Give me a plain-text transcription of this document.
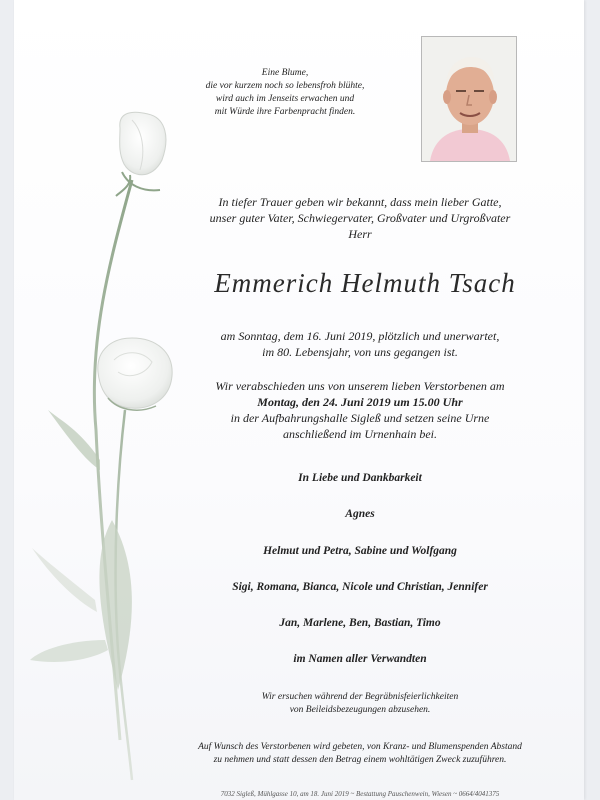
Eine Blume,
die vor kurzem noch so lebensfroh blühte,
wird auch im Jenseits erwachen und
mit Würde ihre Farbenpracht finden.
In tiefer Trauer geben wir bekannt, dass mein lieber Gatte,
unser guter Vater, Schwiegervater, Großvater und Urgroßvater
Herr
Emmerich Helmuth Tsach
am Sonntag, dem 16. Juni 2019, plötzlich und unerwartet,
im 80. Lebensjahr, von uns gegangen ist.
Wir verabschieden uns von unserem lieben Verstorbenen am
Montag, den 24. Juni 2019 um 15.00 Uhr
in der Aufbahrungshalle Sigleß und setzen seine Urne
anschließend im Urnenhain bei.
In Liebe und Dankbarkeit
Agnes
Helmut und Petra, Sabine und Wolfgang
Sigi, Romana, Bianca, Nicole und Christian, Jennifer
Jan, Marlene, Ben, Bastian, Timo
im Namen aller Verwandten
Wir ersuchen während der Begräbnisfeierlichkeiten
von Beileidsbezeugungen abzusehen.
Auf Wunsch des Verstorbenen wird gebeten, von Kranz- und Blumenspenden Abstand
zu nehmen und statt dessen den Betrag einem wohltätigen Zweck zuzuführen.
7032 Sigleß, Mühlgasse 10, am 18. Juni 2019 ~ Bestattung Pauschenwein, Wiesen ~ 0664/4041375
